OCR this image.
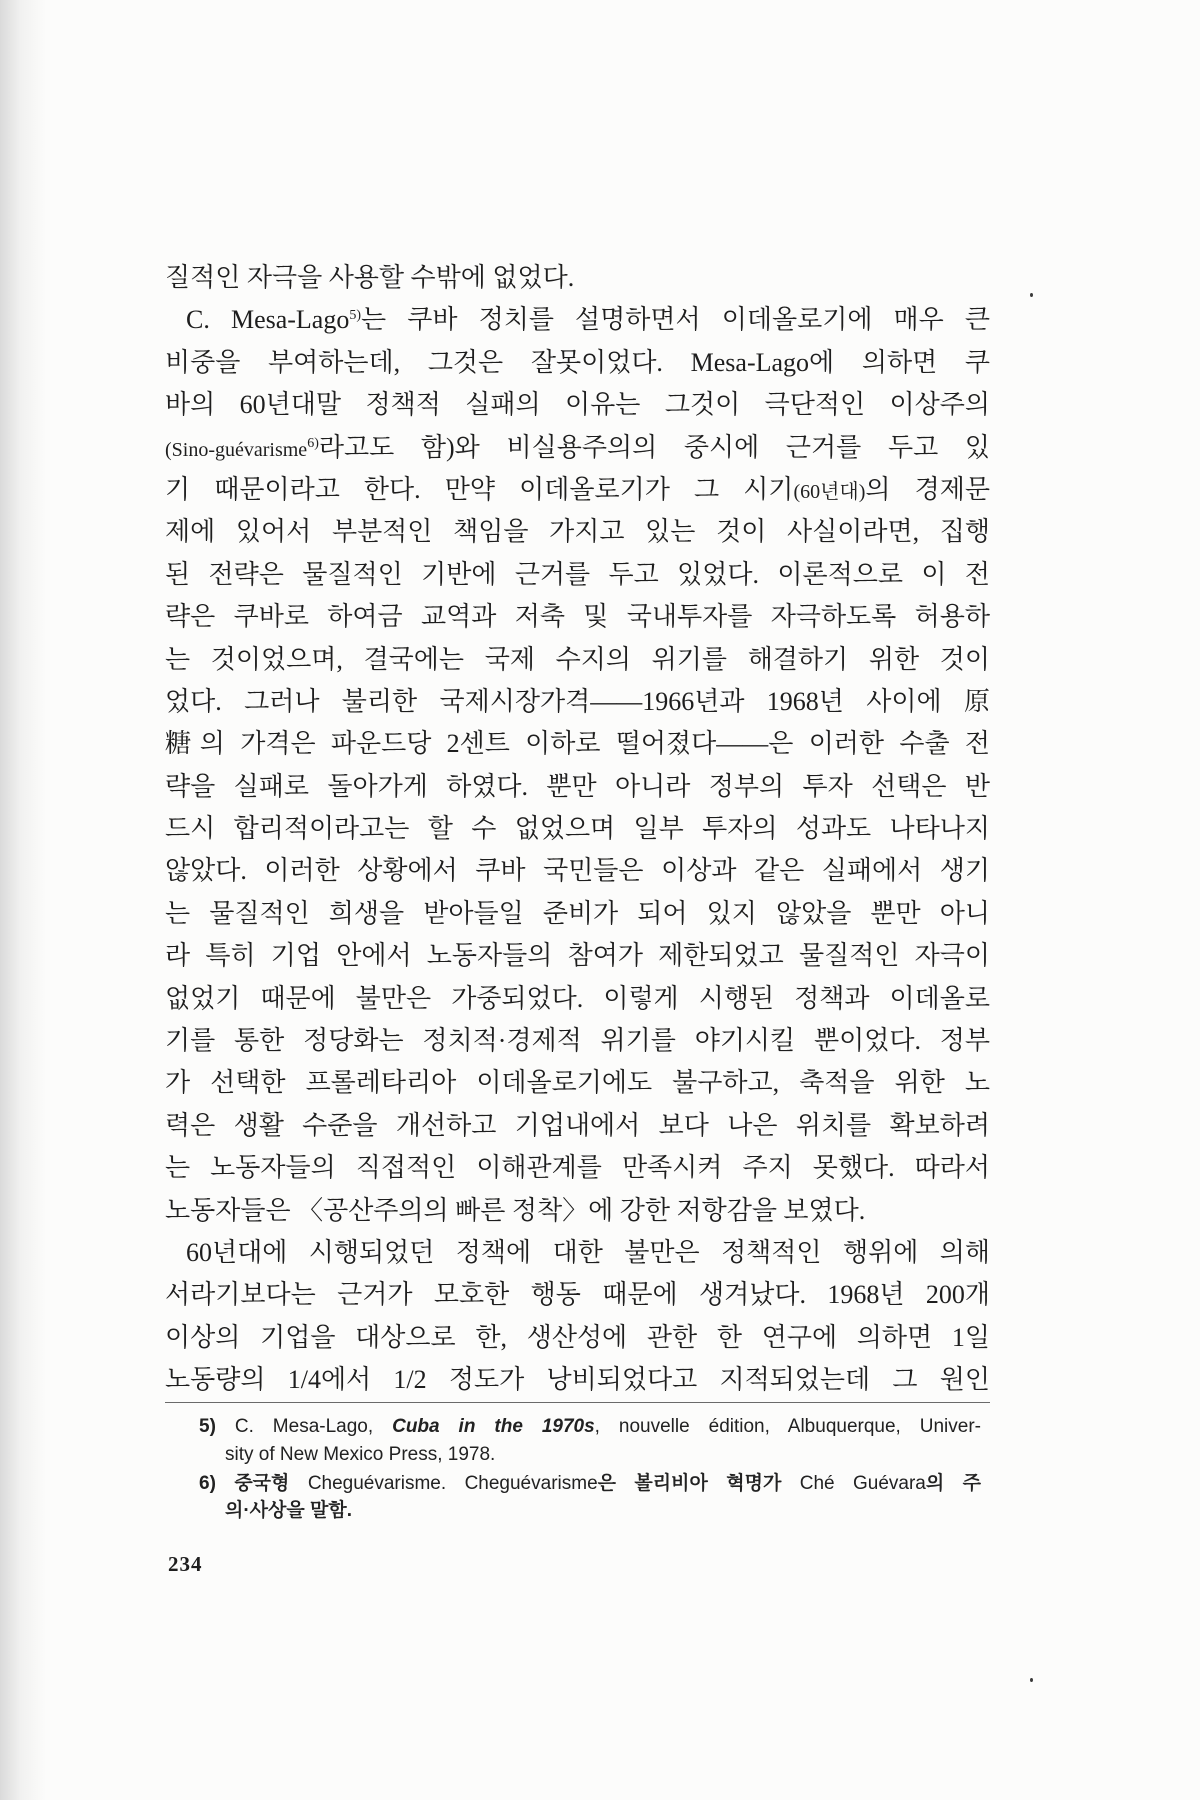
질적인 자극을 사용할 수밖에 없었다.
C. Mesa-Lago$^{5)}$는 쿠바 정치를 설명하면서 이데올로기에 매우 큰
비중을 부여하는데, 그것은 잘못이었다. Mesa-Lago에 의하면 쿠
바의 60년대말 정책적 실패의 이유는 그것이 극단적인 이상주의
(Sino-guévarisme$^{6)}$라고도 함)와 비실용주의의 중시에 근거를 두고 있
기 때문이라고 한다. 만약 이데올로기가 그 시기(60년대)의 경제문
제에 있어서 부분적인 책임을 가지고 있는 것이 사실이라면, 집행
된 전략은 물질적인 기반에 근거를 두고 있었다. 이론적으로 이 전
략은 쿠바로 하여금 교역과 저축 및 국내투자를 자극하도록 허용하
는 것이었으며, 결국에는 국제 수지의 위기를 해결하기 위한 것이
었다. 그러나 불리한 국제시장가격——1966년과 1968년 사이에 原
糖의 가격은 파운드당 2센트 이하로 떨어졌다——은 이러한 수출 전
략을 실패로 돌아가게 하였다. 뿐만 아니라 정부의 투자 선택은 반
드시 합리적이라고는 할 수 없었으며 일부 투자의 성과도 나타나지
않았다. 이러한 상황에서 쿠바 국민들은 이상과 같은 실패에서 생기
는 물질적인 희생을 받아들일 준비가 되어 있지 않았을 뿐만 아니
라 특히 기업 안에서 노동자들의 참여가 제한되었고 물질적인 자극이
없었기 때문에 불만은 가중되었다. 이렇게 시행된 정책과 이데올로
기를 통한 정당화는 정치적·경제적 위기를 야기시킬 뿐이었다. 정부
가 선택한 프롤레타리아 이데올로기에도 불구하고, 축적을 위한 노
력은 생활 수준을 개선하고 기업내에서 보다 나은 위치를 확보하려
는 노동자들의 직접적인 이해관계를 만족시켜 주지 못했다. 따라서
노동자들은 〈공산주의의 빠른 정착〉에 강한 저항감을 보였다.
60년대에 시행되었던 정책에 대한 불만은 정책적인 행위에 의해
서라기보다는 근거가 모호한 행동 때문에 생겨났다. 1968년 200개
이상의 기업을 대상으로 한, 생산성에 관한 한 연구에 의하면 1일
노동량의 1/4에서 1/2 정도가 낭비되었다고 지적되었는데 그 원인
5) C. Mesa-Lago, Cuba in the 1970s, nouvelle édition, Albuquerque, Univer-
sity of New Mexico Press, 1978.
6) 중국형 Cheguévarisme. Cheguévarisme은 볼리비아 혁명가 Ché Guévara의 주
의·사상을 말함.
234
